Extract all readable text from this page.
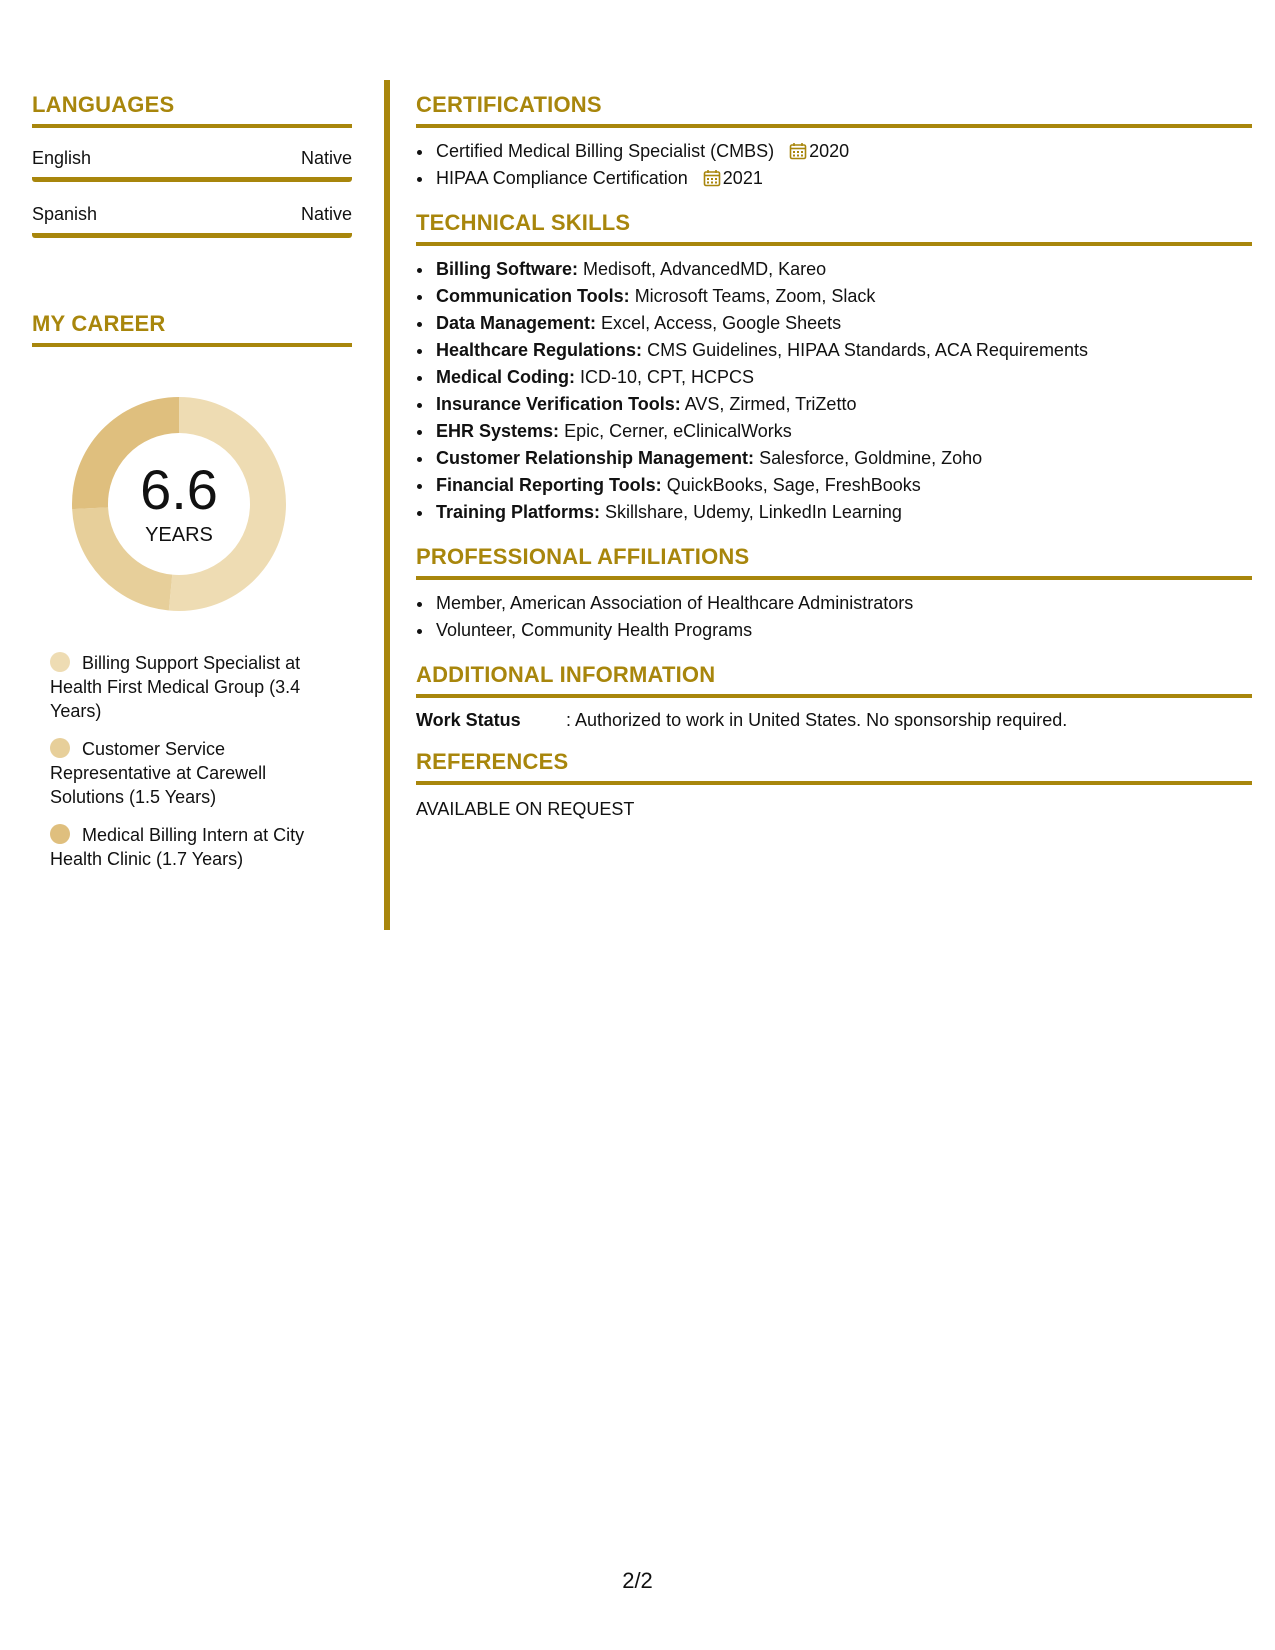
LANGUAGES
English	Native
Spanish	Native
MY CAREER
6.6
YEARS
Billing Support Specialist at Health First Medical Group (3.4 Years)
Customer Service Representative at Carewell Solutions (1.5 Years)
Medical Billing Intern at City Health Clinic (1.7 Years)
CERTIFICATIONS
• Certified Medical Billing Specialist (CMBS) 2020
• HIPAA Compliance Certification 2021
TECHNICAL SKILLS
• Billing Software: Medisoft, AdvancedMD, Kareo
• Communication Tools: Microsoft Teams, Zoom, Slack
• Data Management: Excel, Access, Google Sheets
• Healthcare Regulations: CMS Guidelines, HIPAA Standards, ACA Requirements
• Medical Coding: ICD-10, CPT, HCPCS
• Insurance Verification Tools: AVS, Zirmed, TriZetto
• EHR Systems: Epic, Cerner, eClinicalWorks
• Customer Relationship Management: Salesforce, Goldmine, Zoho
• Financial Reporting Tools: QuickBooks, Sage, FreshBooks
• Training Platforms: Skillshare, Udemy, LinkedIn Learning
PROFESSIONAL AFFILIATIONS
• Member, American Association of Healthcare Administrators
• Volunteer, Community Health Programs
ADDITIONAL INFORMATION
Work Status	: Authorized to work in United States. No sponsorship required.
REFERENCES
AVAILABLE ON REQUEST
2/2
